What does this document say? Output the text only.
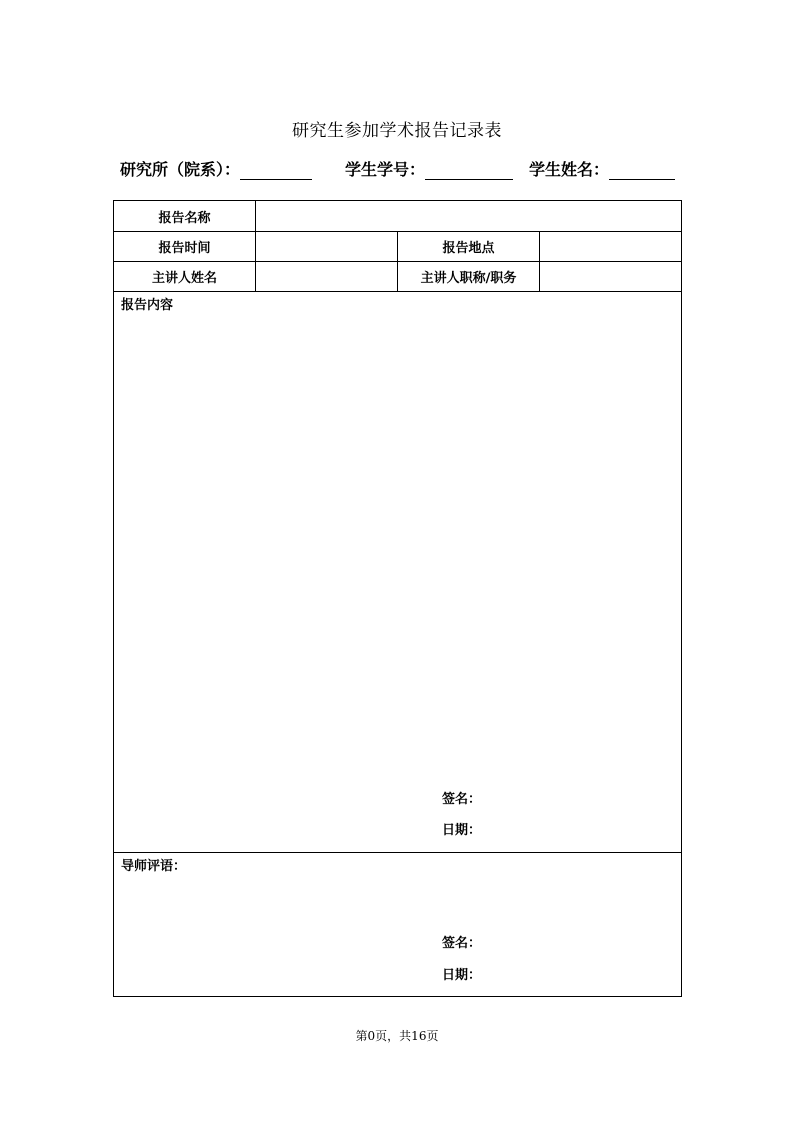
研究生参加学术报告记录表
研究所（院系）：	学生学号：	学生姓名：
报告名称			
报告时间		报告地点	
主讲人姓名		主讲人职称/职务	

报告内容
签名：
日期：			

导师评语：
签名：
日期：			
第0页，共16页
